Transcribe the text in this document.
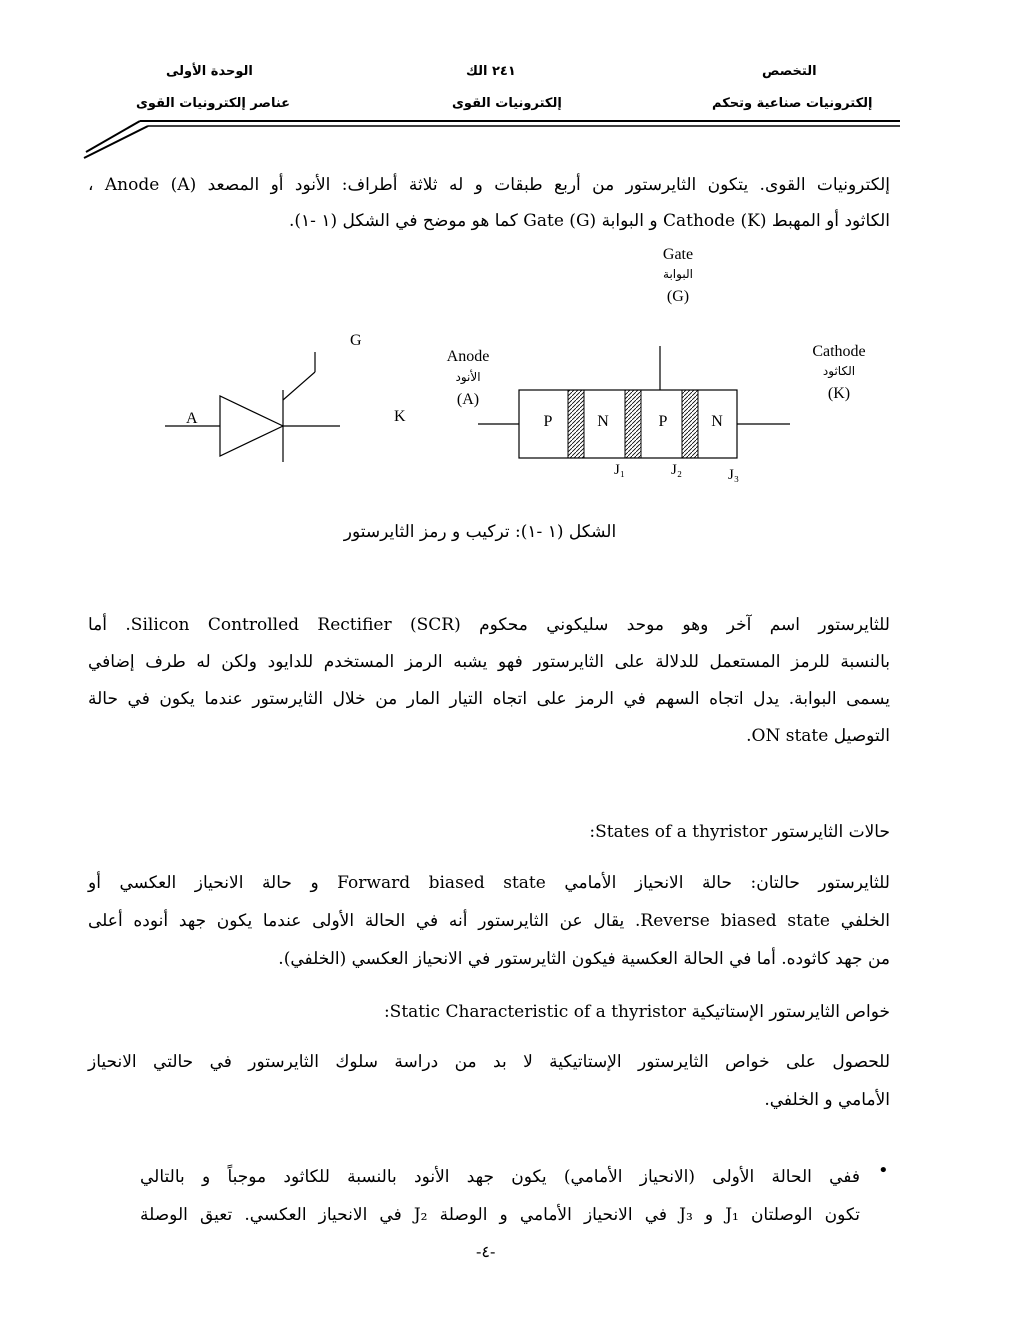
التخصص
إلكترونيات صناعية وتحكم
٢٤١ الك
إلكترونيات القوى
الوحدة الأولى
عناصر إلكترونيات القوى
إلكترونيات القوى. يتكون الثايرستور من أربع طبقات و له ثلاثة أطراف: الأنود أو المصعد (A) Anode ،
الكاثود أو المهبط (K) Cathode و البوابة (G) Gate كما هو موضح في الشكل (١ -١).
A	K
G
Gate
البوابة
(G)
Anode
الأنود
(A)
Cathode
الكاثود
(K)
P	N	P	N
J₁	J₂	J₃
الشكل (١ -١): تركيب و رمز الثايرستور
للثايرستور اسم آخر وهو موحد سليكوني محكوم Silicon Controlled Rectifier (SCR). أما
بالنسبة للرمز المستعمل للدلالة على الثايرستور فهو يشبه الرمز المستخدم للدايود ولكن له طرف إضافي
يسمى البوابة. يدل اتجاه السهم في الرمز على اتجاه التيار المار من خلال الثايرستور عندما يكون في حالة
التوصيل ON state.
حالات الثايرستور States of a thyristor:
للثايرستور حالتان: حالة الانحياز الأمامي Forward biased state و حالة الانحياز العكسي أو
الخلفي Reverse biased state. يقال عن الثايرستور أنه في الحالة الأولى عندما يكون جهد أنوده أعلى
من جهد كاثوده. أما في الحالة العكسية فيكون الثايرستور في الانحياز العكسي (الخلفي).
خواص الثايرستور الإستاتيكية Static Characteristic of a thyristor:
للحصول على خواص الثايرستور الإستاتيكية لا بد من دراسة سلوك الثايرستور في حالتي الانحياز
الأمامي و الخلفي.
•
ففي الحالة الأولى (الانحياز الأمامي) يكون جهد الأنود بالنسبة للكاثود موجباً و بالتالي
تكون الوصلتان J₁ و J₃ في الانحياز الأمامي و الوصلة J₂ في الانحياز العكسي. تعيق الوصلة
-٤-
